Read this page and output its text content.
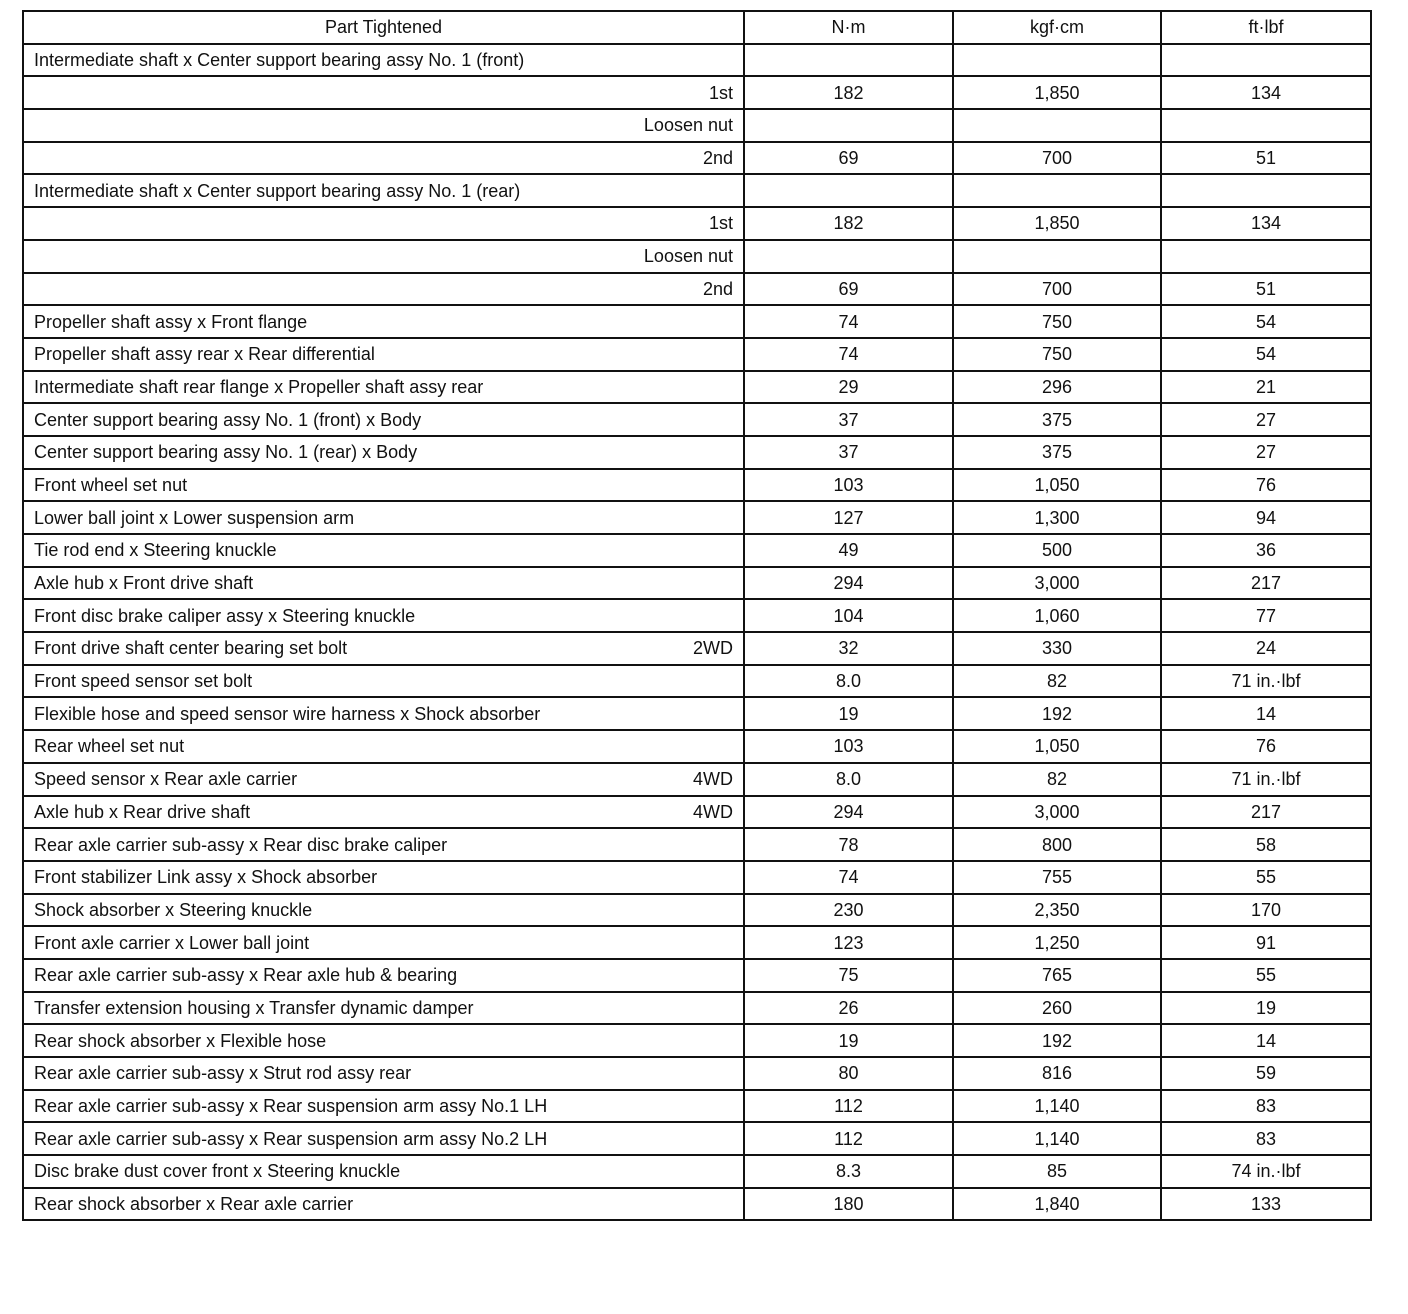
Part Tightened	N·m	kgf·cm	ft·lbf

Intermediate shaft x Center support bearing assy No. 1 (front)			

1st	182	1,850	134
Loosen nut			
2nd	69	700	51

Intermediate shaft x Center support bearing assy No. 1 (rear)			

1st	182	1,850	134
Loosen nut			
2nd	69	700	51

Propeller shaft assy x Front flange	74	750	54

Propeller shaft assy rear x Rear differential	74	750	54

Intermediate shaft rear flange x Propeller shaft assy rear	29	296	21

Center support bearing assy No. 1 (front) x Body	37	375	27

Center support bearing assy No. 1 (rear) x Body	37	375	27

Front wheel set nut	103	1,050	76

Lower ball joint x Lower suspension arm	127	1,300	94

Tie rod end x Steering knuckle	49	500	36

Axle hub x Front drive shaft	294	3,000	217

Front disc brake caliper assy x Steering knuckle	104	1,060	77

Front drive shaft center bearing set bolt 2WD	32	330	24

Front speed sensor set bolt	8.0	82	71 in.·lbf

Flexible hose and speed sensor wire harness x Shock absorber	19	192	14

Rear wheel set nut	103	1,050	76

Speed sensor x Rear axle carrier 4WD	8.0	82	71 in.·lbf

Axle hub x Rear drive shaft 4WD	294	3,000	217

Rear axle carrier sub-assy x Rear disc brake caliper	78	800	58

Front stabilizer Link assy x Shock absorber	74	755	55

Shock absorber x Steering knuckle	230	2,350	170

Front axle carrier x Lower ball joint	123	1,250	91

Rear axle carrier sub-assy x Rear axle hub & bearing	75	765	55

Transfer extension housing x Transfer dynamic damper	26	260	19

Rear shock absorber x Flexible hose	19	192	14

Rear axle carrier sub-assy x Strut rod assy rear	80	816	59

Rear axle carrier sub-assy x Rear suspension arm assy No.1 LH	112	1,140	83

Rear axle carrier sub-assy x Rear suspension arm assy No.2 LH	112	1,140	83

Disc brake dust cover front x Steering knuckle	8.3	85	74 in.·lbf

Rear shock absorber x Rear axle carrier	180	1,840	133
